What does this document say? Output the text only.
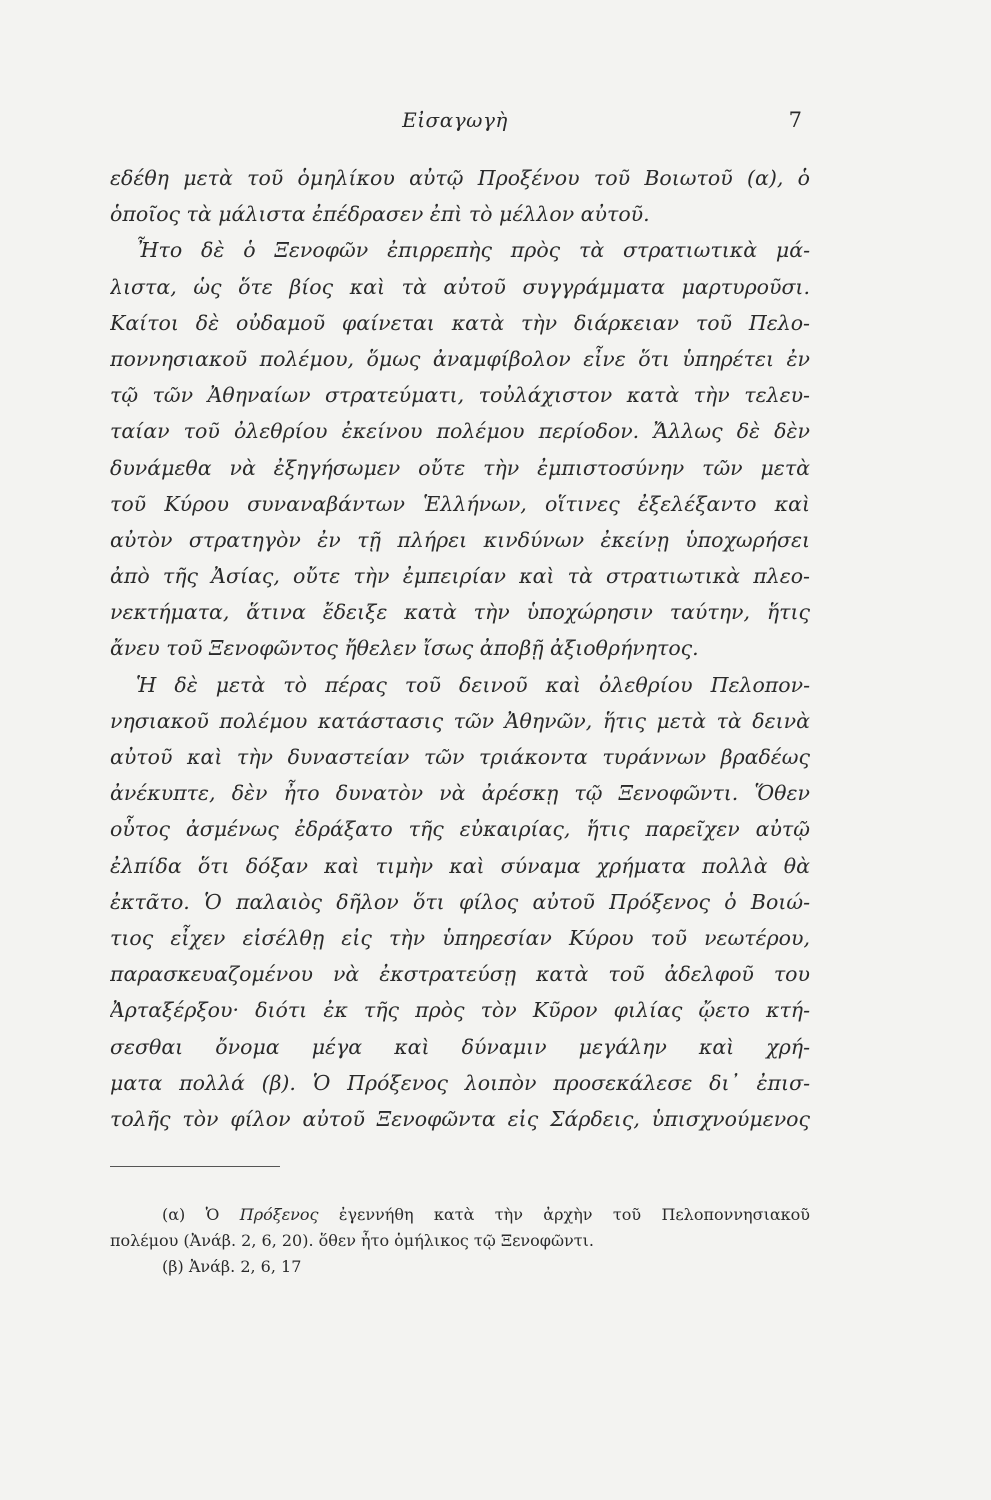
Εἰσαγωγὴ	7
εδέθη μετὰ τοῦ ὁμηλίκου αὐτῷ Προξένου τοῦ Βοιωτοῦ (α), ὁ
ὁποῖος τὰ μάλιστα ἐπέδρασεν ἐπὶ τὸ μέλλον αὐτοῦ.
Ἦτο δὲ ὁ Ξενοφῶν ἐπιρρεπὴς πρὸς τὰ στρατιωτικὰ μά-
λιστα, ὡς ὅτε βίος καὶ τὰ αὐτοῦ συγγράμματα μαρτυροῦσι.
Καίτοι δὲ οὐδαμοῦ φαίνεται κατὰ τὴν διάρκειαν τοῦ Πελο-
ποννησιακοῦ πολέμου, ὅμως ἀναμφίβολον εἶνε ὅτι ὑπηρέτει ἐν
τῷ τῶν Ἀθηναίων στρατεύματι, τοὐλάχιστον κατὰ τὴν τελευ-
ταίαν τοῦ ὀλεθρίου ἐκείνου πολέμου περίοδον. Ἄλλως δὲ δὲν
δυνάμεθα νὰ ἐξηγήσωμεν οὔτε τὴν ἐμπιστοσύνην τῶν μετὰ
τοῦ Κύρου συναναβάντων Ἑλλήνων, οἵτινες ἐξελέξαντο καὶ
αὐτὸν στρατηγὸν ἐν τῇ πλήρει κινδύνων ἐκείνῃ ὑποχωρήσει
ἀπὸ τῆς Ἀσίας, οὔτε τὴν ἐμπειρίαν καὶ τὰ στρατιωτικὰ πλεο-
νεκτήματα, ἅτινα ἔδειξε κατὰ τὴν ὑποχώρησιν ταύτην, ἥτις
ἄνευ τοῦ Ξενοφῶντος ἤθελεν ἴσως ἀποβῇ ἀξιοθρήνητος.
Ἡ δὲ μετὰ τὸ πέρας τοῦ δεινοῦ καὶ ὀλεθρίου Πελοπον-
νησιακοῦ πολέμου κατάστασις τῶν Ἀθηνῶν, ἥτις μετὰ τὰ δεινὰ
αὐτοῦ καὶ τὴν δυναστείαν τῶν τριάκοντα τυράννων βραδέως
ἀνέκυπτε, δὲν ἦτο δυνατὸν νὰ ἀρέσκῃ τῷ Ξενοφῶντι. Ὅθεν
οὗτος ἀσμένως ἐδράξατο τῆς εὐκαιρίας, ἥτις παρεῖχεν αὐτῷ
ἐλπίδα ὅτι δόξαν καὶ τιμὴν καὶ σύναμα χρήματα πολλὰ θὰ
ἐκτᾶτο. Ὁ παλαιὸς δῆλον ὅτι φίλος αὐτοῦ Πρόξενος ὁ Βοιώ-
τιος εἶχεν εἰσέλθῃ εἰς τὴν ὑπηρεσίαν Κύρου τοῦ νεωτέρου,
παρασκευαζομένου νὰ ἐκστρατεύσῃ κατὰ τοῦ ἀδελφοῦ του
Ἀρταξέρξου· διότι ἐκ τῆς πρὸς τὸν Κῦρον φιλίας ᾤετο κτή-
σεσθαι ὄνομα μέγα καὶ δύναμιν μεγάλην καὶ χρή-
ματα πολλά (β). Ὁ Πρόξενος λοιπὸν προσεκάλεσε δι᾿ ἐπισ-
τολῆς τὸν φίλον αὐτοῦ Ξενοφῶντα εἰς Σάρδεις, ὑπισχνούμενος
(α) Ὁ Πρόξενος ἐγεννήθη κατὰ τὴν ἀρχὴν τοῦ Πελοποννησιακοῦ
πολέμου (Ἀνάβ. 2, 6, 20). ὅθεν ἦτο ὁμήλικος τῷ Ξενοφῶντι.
(β) Ἀνάβ. 2, 6, 17
